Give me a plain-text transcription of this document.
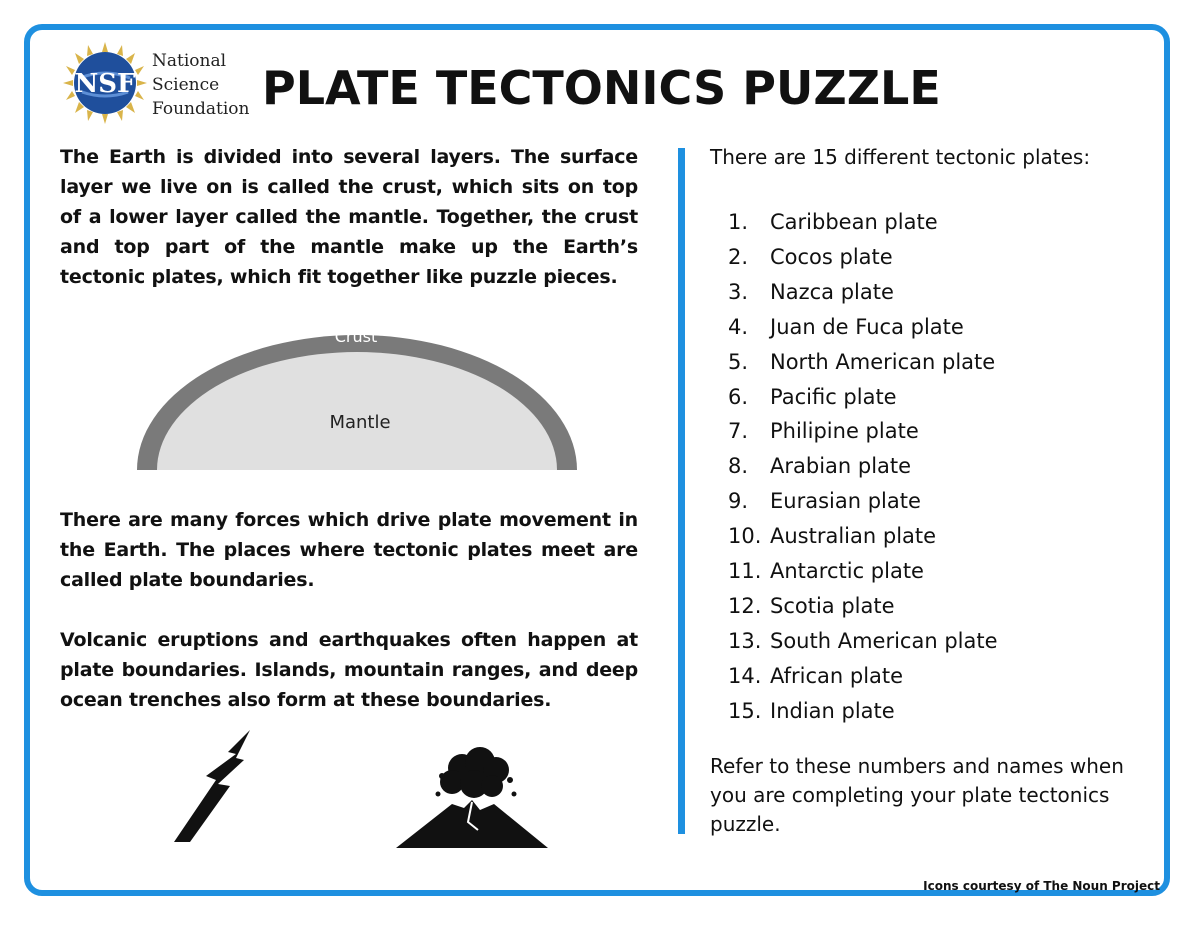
NSF
National
Science
Foundation PLATE TECTONICS PUZZLE
The Earth is divided into several layers. The surface layer we live on is called the crust, which sits on top of a lower layer called the mantle. Together, the crust and top part of the mantle make up the Earth’s tectonic plates, which fit together like puzzle pieces.
Crust
Mantle
There are many forces which drive plate movement in the Earth. The places where tectonic plates meet are called plate boundaries.
Volcanic eruptions and earthquakes often happen at plate boundaries. Islands, mountain ranges, and deep ocean trenches also form at these boundaries.
There are 15 different tectonic plates:
1. Caribbean plate
2. Cocos plate
3. Nazca plate
4. Juan de Fuca plate
5. North American plate
6. Pacific plate
7. Philipine plate
8. Arabian plate
9. Eurasian plate
10. Australian plate
11. Antarctic plate
12. Scotia plate
13. South American plate
14. African plate
15. Indian plate
Refer to these numbers and names when you are completing your plate tectonics puzzle.
Icons courtesy of The Noun Project
